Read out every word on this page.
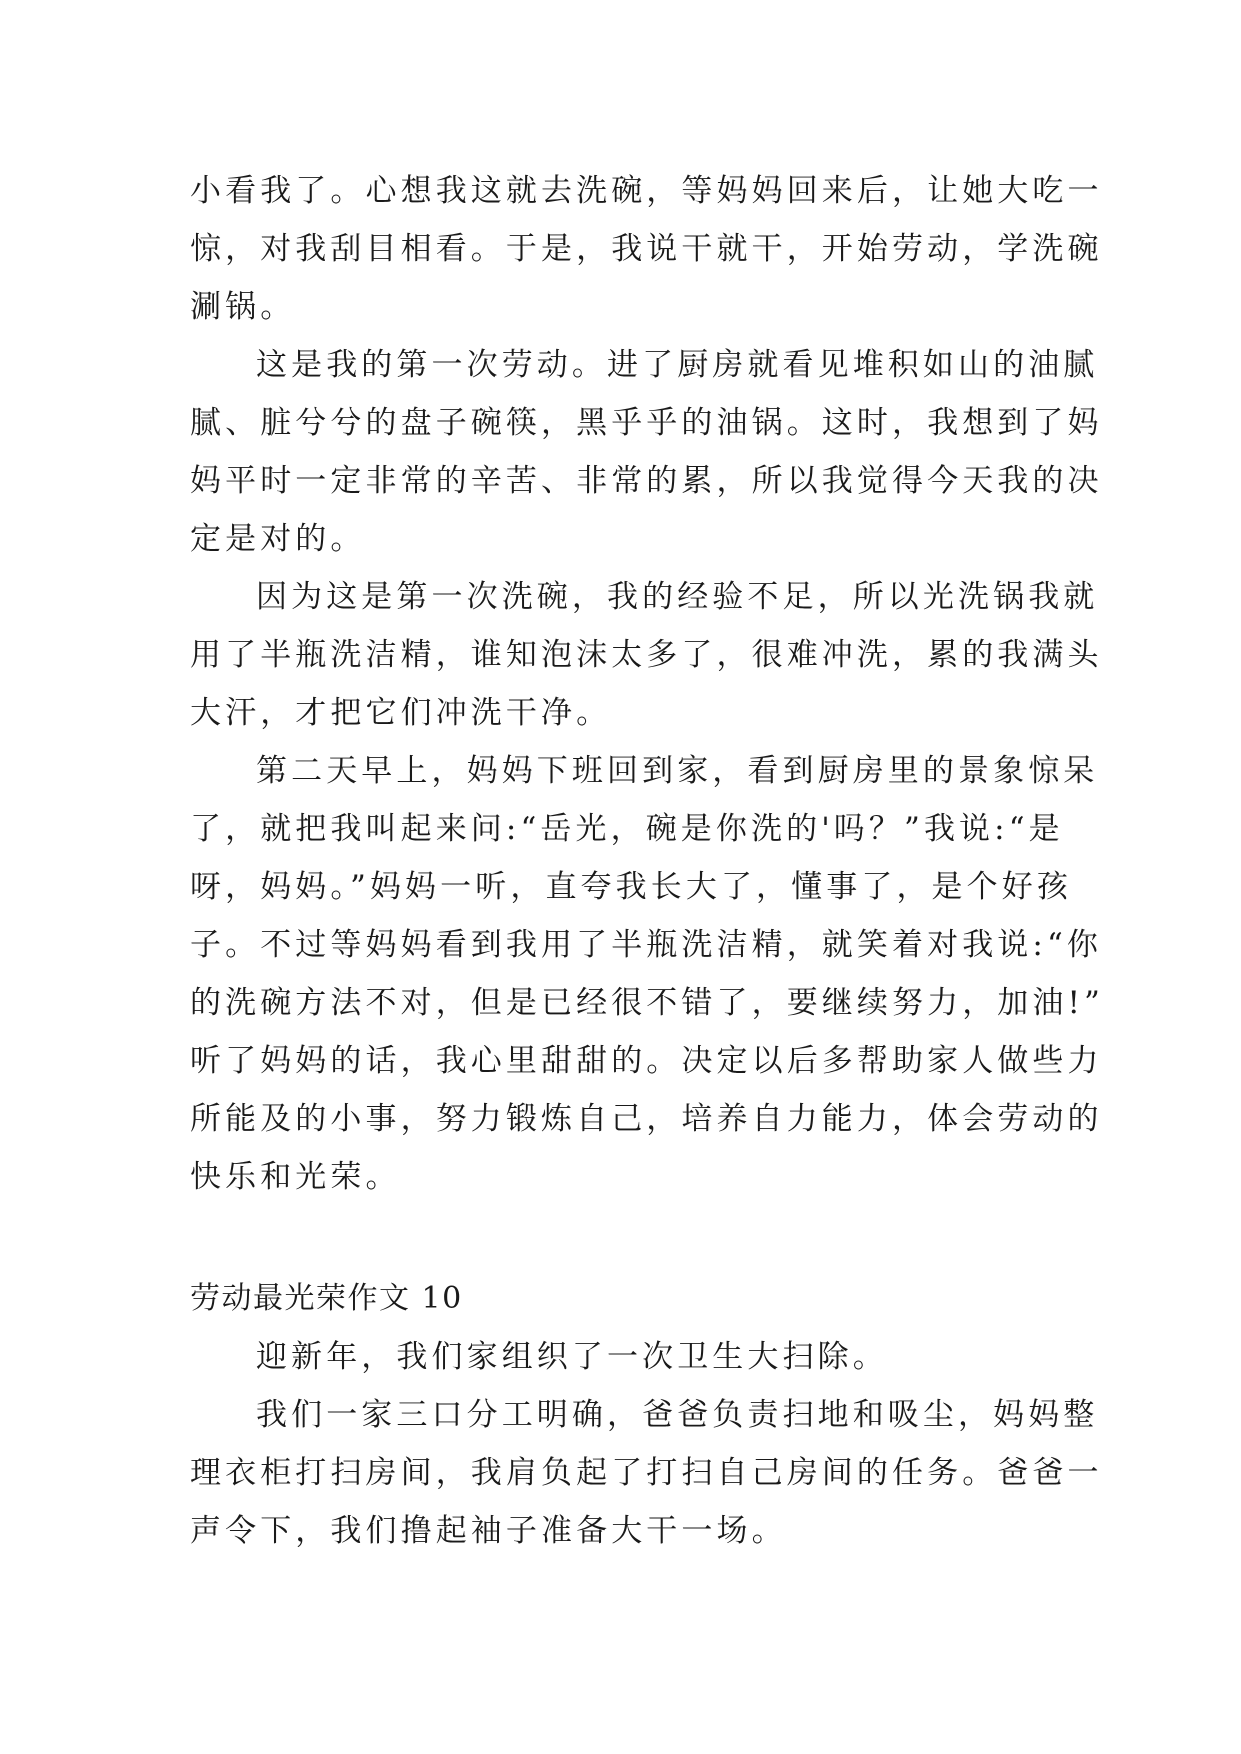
小看我了。心想我这就去洗碗，等妈妈回来后，让她大吃一
惊，对我刮目相看。于是，我说干就干，开始劳动，学洗碗
涮锅。
这是我的第一次劳动。进了厨房就看见堆积如山的油腻
腻、脏兮兮的盘子碗筷，黑乎乎的油锅。这时，我想到了妈
妈平时一定非常的辛苦、非常的累，所以我觉得今天我的决
定是对的。
因为这是第一次洗碗，我的经验不足，所以光洗锅我就
用了半瓶洗洁精，谁知泡沫太多了，很难冲洗，累的我满头
大汗，才把它们冲洗干净。
第二天早上，妈妈下班回到家，看到厨房里的景象惊呆
了，就把我叫起来问:“岳光，碗是你洗的'吗？”我说:“是
呀，妈妈。”妈妈一听，直夸我长大了，懂事了，是个好孩
子。不过等妈妈看到我用了半瓶洗洁精，就笑着对我说:“你
的洗碗方法不对，但是已经很不错了，要继续努力，加油!”
听了妈妈的话，我心里甜甜的。决定以后多帮助家人做些力
所能及的小事，努力锻炼自己，培养自力能力，体会劳动的
快乐和光荣。
劳动最光荣作文 10
迎新年，我们家组织了一次卫生大扫除。
我们一家三口分工明确，爸爸负责扫地和吸尘，妈妈整
理衣柜打扫房间，我肩负起了打扫自己房间的任务。爸爸一
声令下，我们撸起袖子准备大干一场。
